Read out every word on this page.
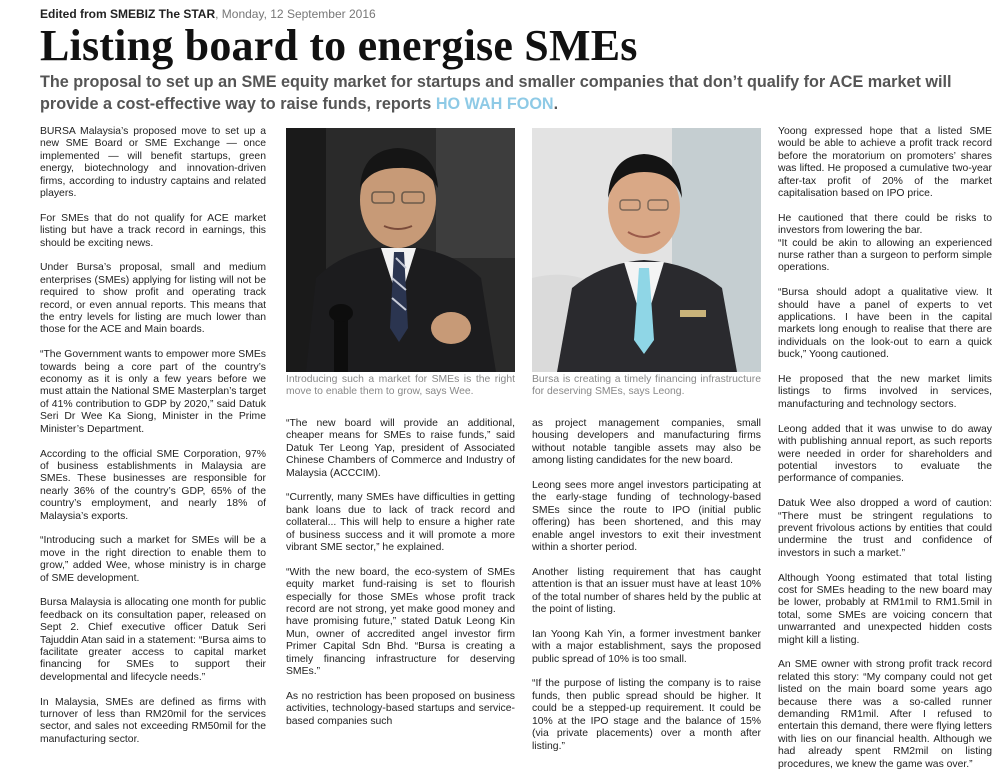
Edited from SMEBIZ The STAR, Monday, 12 September 2016
Listing board to energise SMEs
The proposal to set up an SME equity market for startups and smaller companies that don’t qualify for ACE market will provide a cost-effective way to raise funds, reports HO WAH FOON.

BURSA Malaysia’s proposed move to set up a new SME Board or SME Exchange — once implemented — will benefit startups, green energy, biotechnology and innovation-driven firms, according to industry captains and related players.

For SMEs that do not qualify for ACE market listing but have a track record in earnings, this should be exciting news.

Under Bursa’s proposal, small and medium enterprises (SMEs) applying for listing will not be required to show profit and operating track record, or even annual reports. This means that the entry levels for listing are much lower than those for the ACE and Main boards.

“The Government wants to empower more SMEs towards being a core part of the country’s economy as it is only a few years before we must attain the National SME Masterplan’s target of 41% contribution to GDP by 2020,” said Datuk Seri Dr Wee Ka Siong, Minister in the Prime Minister’s Department.

According to the official SME Corporation, 97% of business establishments in Malaysia are SMEs. These businesses are responsible for nearly 36% of the country’s GDP, 65% of the country’s employment, and nearly 18% of Malaysia’s exports.

“Introducing such a market for SMEs will be a move in the right direction to enable them to grow,” added Wee, whose ministry is in charge of SME development.

Bursa Malaysia is allocating one month for public feedback on its consultation paper, released on Sept 2. Chief executive officer Datuk Seri Tajuddin Atan said in a statement: “Bursa aims to facilitate greater access to capital market financing for SMEs to support their developmental and lifecycle needs.”

In Malaysia, SMEs are defined as firms with turnover of less than RM20mil for the services sector, and sales not exceeding RM50mil for the manufacturing sector.

Introducing such a market for SMEs is the right move to enable them to grow, says Wee.
Bursa is creating a timely financing infrastructure for deserving SMEs, says Leong.

“The new board will provide an additional, cheaper means for SMEs to raise funds,” said Datuk Ter Leong Yap, president of Associated Chinese Chambers of Commerce and Industry of Malaysia (ACCCIM).

“Currently, many SMEs have difficulties in getting bank loans due to lack of track record and collateral... This will help to ensure a higher rate of business success and it will promote a more vibrant SME sector,” he explained.

“With the new board, the eco-system of SMEs equity market fund-raising is set to flourish especially for those SMEs whose profit track record are not strong, yet make good money and have promising future,” stated Datuk Leong Kin Mun, owner of accredited angel investor firm Primer Capital Sdn Bhd. “Bursa is creating a timely financing infrastructure for deserving SMEs.”

As no restriction has been proposed on business activities, technology-based startups and service-based companies such

as project management companies, small housing developers and manufacturing firms without notable tangible assets may also be among listing candidates for the new board.

Leong sees more angel investors participating at the early-stage funding of technology-based SMEs since the route to IPO (initial public offering) has been shortened, and this may enable angel investors to exit their investment within a shorter period.

Another listing requirement that has caught attention is that an issuer must have at least 10% of the total number of shares held by the public at the point of listing.

Ian Yoong Kah Yin, a former investment banker with a major establishment, says the proposed public spread of 10% is too small.

“If the purpose of listing the company is to raise funds, then public spread should be higher. It could be a stepped-up requirement. It could be 10% at the IPO stage and the balance of 15% (via private placements) over a month after listing.”

Yoong expressed hope that a listed SME would be able to achieve a profit track record before the moratorium on promoters’ shares was lifted. He proposed a cumulative two-year after-tax profit of 20% of the market capitalisation based on IPO price.

He cautioned that there could be risks to investors from lowering the bar.
“It could be akin to allowing an experienced nurse rather than a surgeon to perform simple operations.

“Bursa should adopt a qualitative view. It should have a panel of experts to vet applications. I have been in the capital markets long enough to realise that there are individuals on the look-out to earn a quick buck,” Yoong cautioned.

He proposed that the new market limits listings to firms involved in services, manufacturing and technology sectors.

Leong added that it was unwise to do away with publishing annual report, as such reports were needed in order for shareholders and potential investors to evaluate the performance of companies.

Datuk Wee also dropped a word of caution: “There must be stringent regulations to prevent frivolous actions by entities that could undermine the trust and confidence of investors in such a market.”

Although Yoong estimated that total listing cost for SMEs heading to the new board may be lower, probably at RM1mil to RM1.5mil in total, some SMEs are voicing concern that unwarranted and unexpected hidden costs might kill a listing.

An SME owner with strong profit track record related this story: “My company could not get listed on the main board some years ago because there was a so-called runner demanding RM1mil. After I refused to entertain this demand, there were flying letters with lies on our financial health. Although we had already spent RM2mil on listing procedures, we knew the game was over.”
